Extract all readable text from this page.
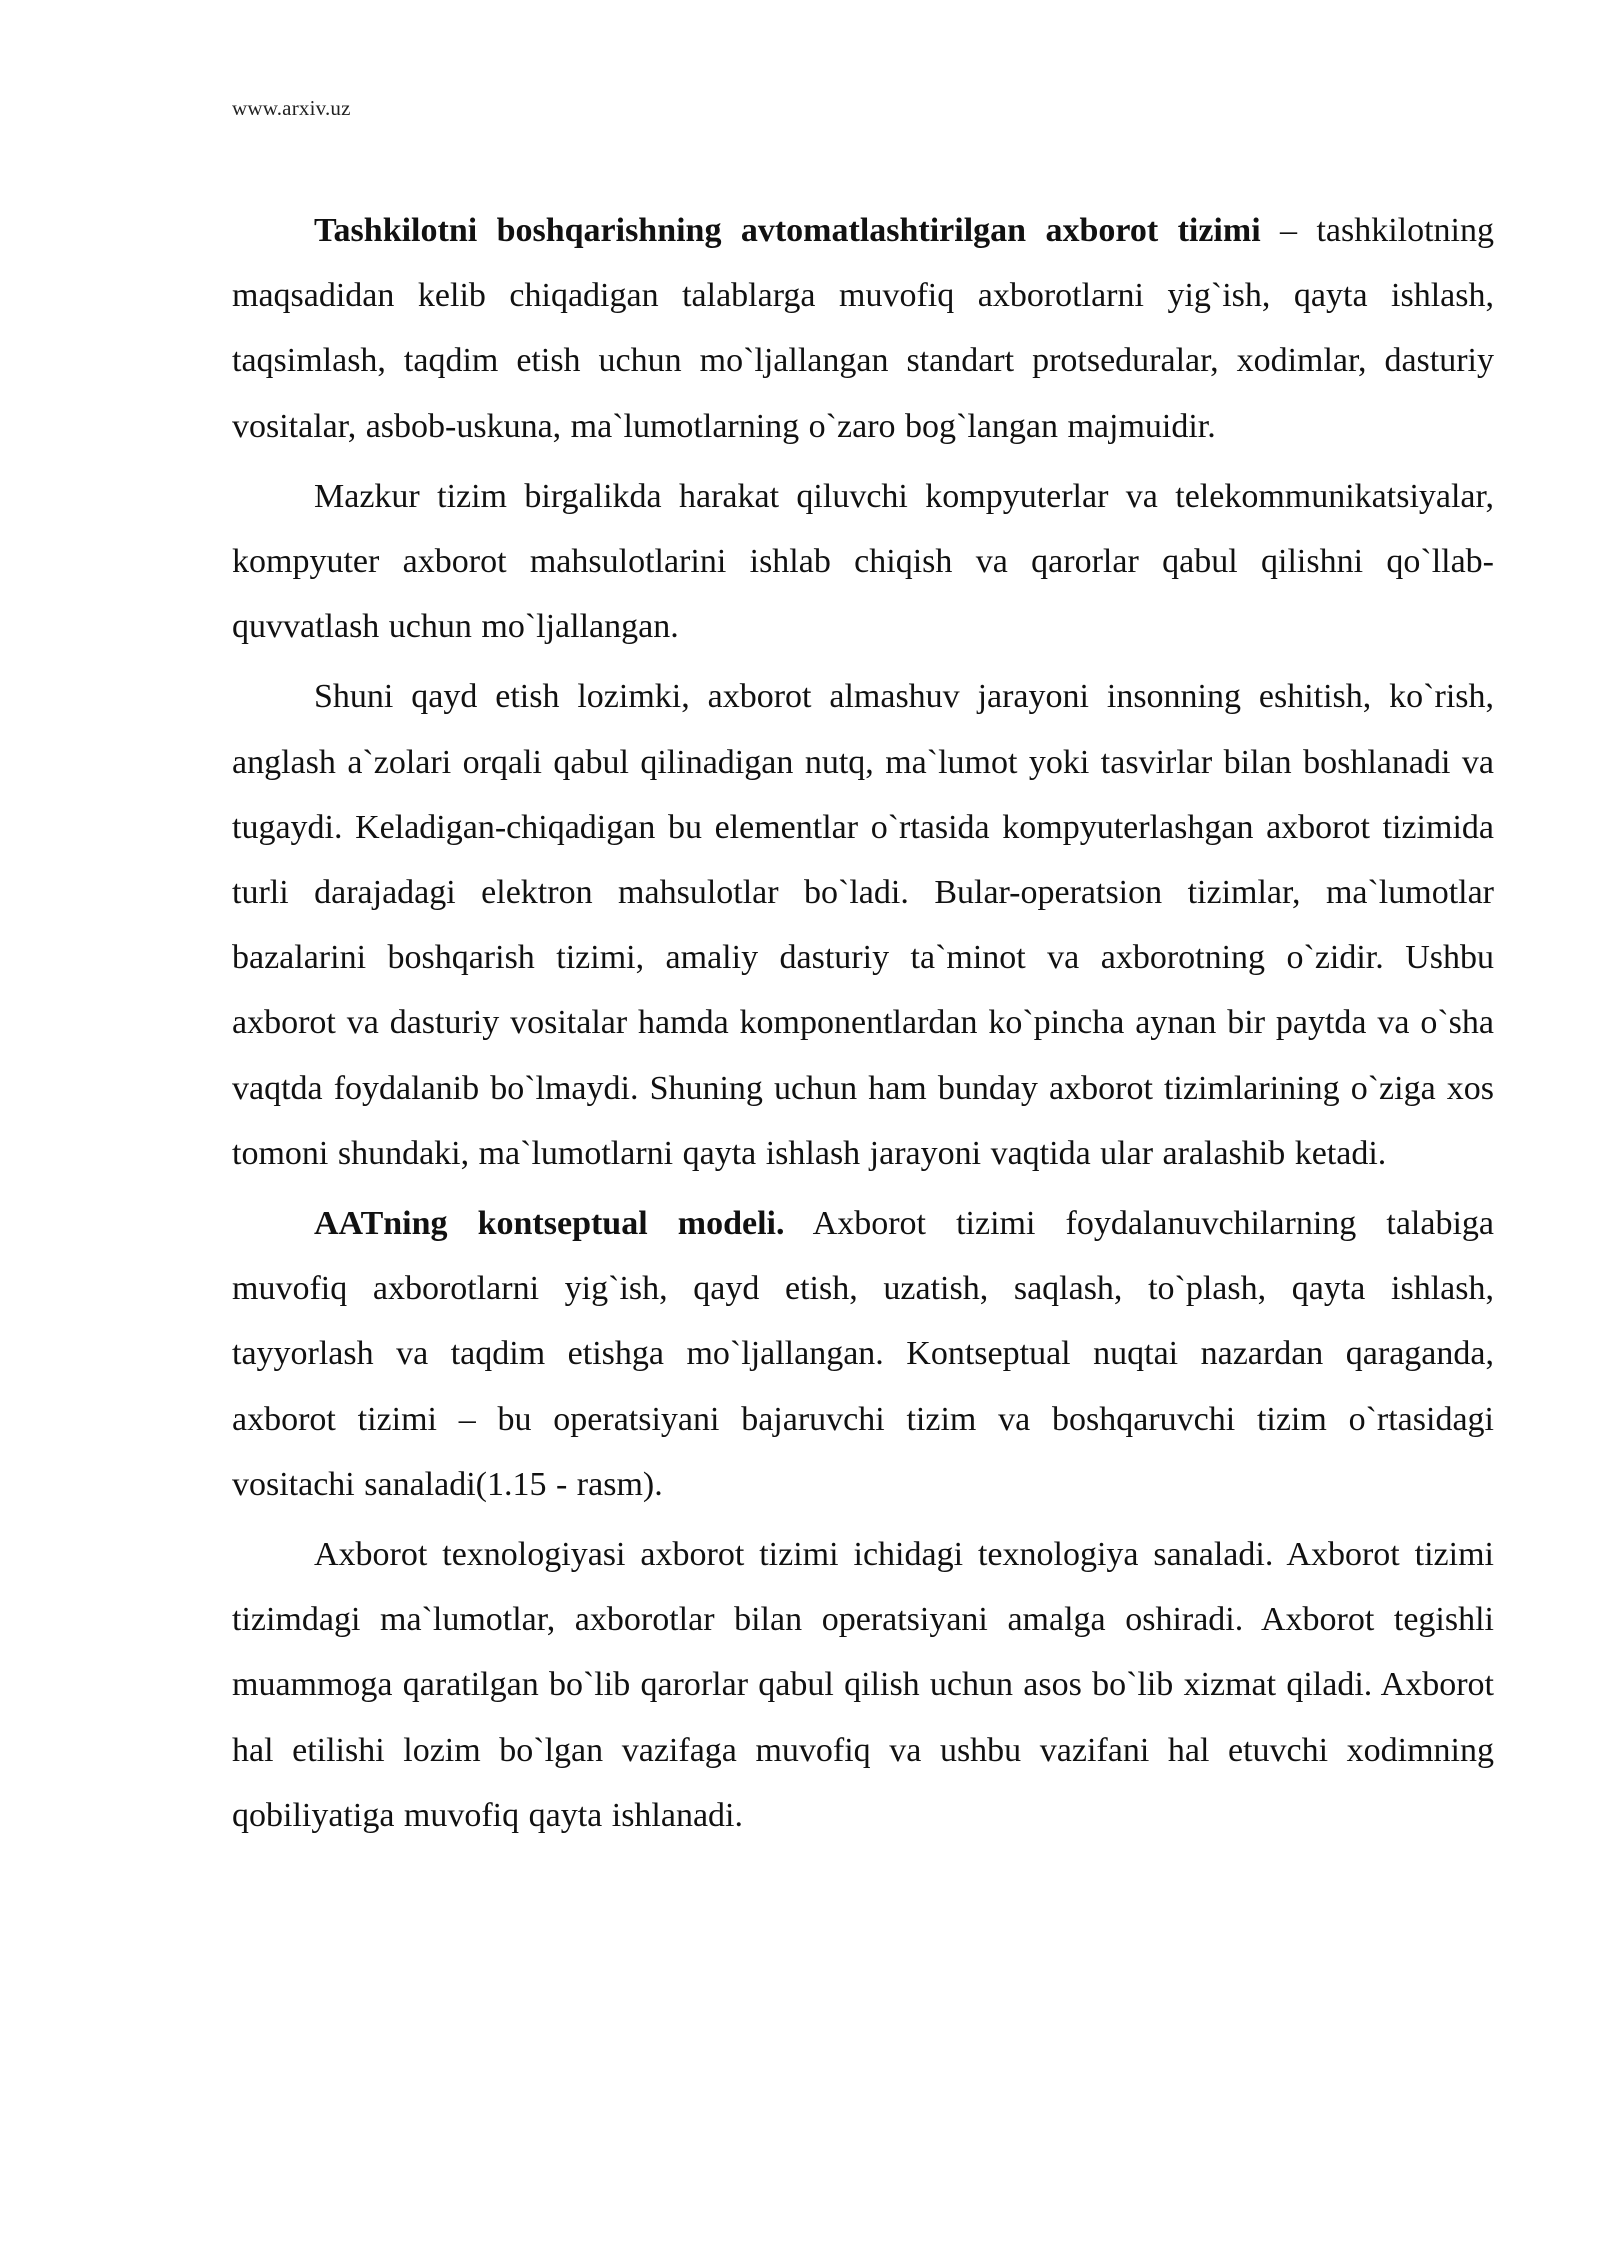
www.arxiv.uz

Tashkilotni boshqarishning avtomatlashtirilgan axborot tizimi – tashkilotning maqsadidan kelib chiqadigan talablarga muvofiq axborotlarni yig`ish, qayta ishlash, taqsimlash, taqdim etish uchun mo`ljallangan standart protseduralar, xodimlar, dasturiy vositalar, asbob-uskuna, ma`lumotlarning o`zaro bog`langan majmuidir.

Mazkur tizim birgalikda harakat qiluvchi kompyuterlar va telekommunikatsiyalar, kompyuter axborot mahsulotlarini ishlab chiqish va qarorlar qabul qilishni qo`llab-quvvatlash uchun mo`ljallangan.

Shuni qayd etish lozimki, axborot almashuv jarayoni insonning eshitish, ko`rish, anglash a`zolari orqali qabul qilinadigan nutq, ma`lumot yoki tasvirlar bilan boshlanadi va tugaydi. Keladigan-chiqadigan bu elementlar o`rtasida kompyuterlashgan axborot tizimida turli darajadagi elektron mahsulotlar bo`ladi. Bular-operatsion tizimlar, ma`lumotlar bazalarini boshqarish tizimi, amaliy dasturiy ta`minot va axborotning o`zidir. Ushbu axborot va dasturiy vositalar hamda komponentlardan ko`pincha aynan bir paytda va o`sha vaqtda foydalanib bo`lmaydi. Shuning uchun ham bunday axborot tizimlarining o`ziga xos tomoni shundaki, ma`lumotlarni qayta ishlash jarayoni vaqtida ular aralashib ketadi.

AATning kontseptual modeli. Axborot tizimi foydalanuvchilarning talabiga muvofiq axborotlarni yig`ish, qayd etish, uzatish, saqlash, to`plash, qayta ishlash, tayyorlash va taqdim etishga mo`ljallangan. Kontseptual nuqtai nazardan qaraganda, axborot tizimi – bu operatsiyani bajaruvchi tizim va boshqaruvchi tizim o`rtasidagi vositachi sanaladi(1.15 - rasm).

Axborot texnologiyasi axborot tizimi ichidagi texnologiya sanaladi. Axborot tizimi tizimdagi ma`lumotlar, axborotlar bilan operatsiyani amalga oshiradi. Axborot tegishli muammoga qaratilgan bo`lib qarorlar qabul qilish uchun asos bo`lib xizmat qiladi. Axborot hal etilishi lozim bo`lgan vazifaga muvofiq va ushbu vazifani hal etuvchi xodimning qobiliyatiga muvofiq qayta ishlanadi.
